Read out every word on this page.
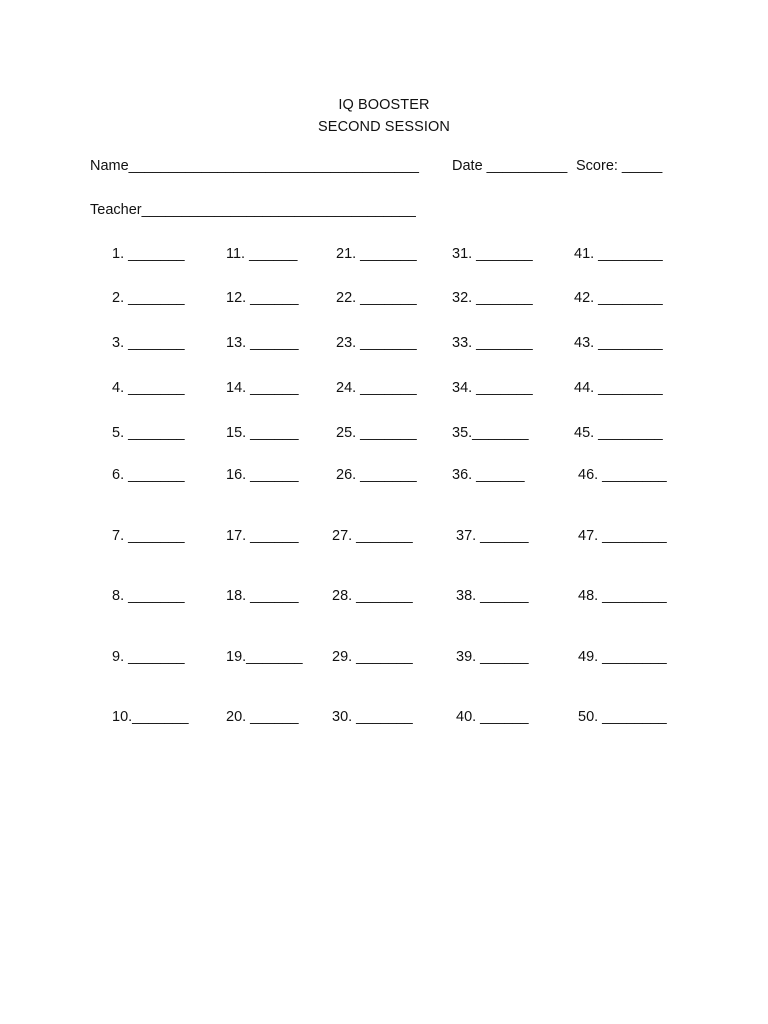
IQ BOOSTER
SECOND SESSION
Name____________________________________ Date __________ Score: _____
Teacher__________________________________
1. _______
2. _______
3. _______
4. _______
5. _______
6. _______
7. _______
8. _______
9. _______
10._______
11. ______
12. ______
13. ______
14. ______
15. ______
16. ______
17. ______
18. ______
19._______
20. ______
21. _______
22. _______
23. _______
24. _______
25. _______
26. _______
27. _______
28. _______
29. _______
30. _______
31. _______
32. _______
33. _______
34. _______
35._______
36. ______
37. ______
38. ______
39. ______
40. ______
41. ________
42. ________
43. ________
44. ________
45. ________
46. ________
47. ________
48. ________
49. ________
50. ________
